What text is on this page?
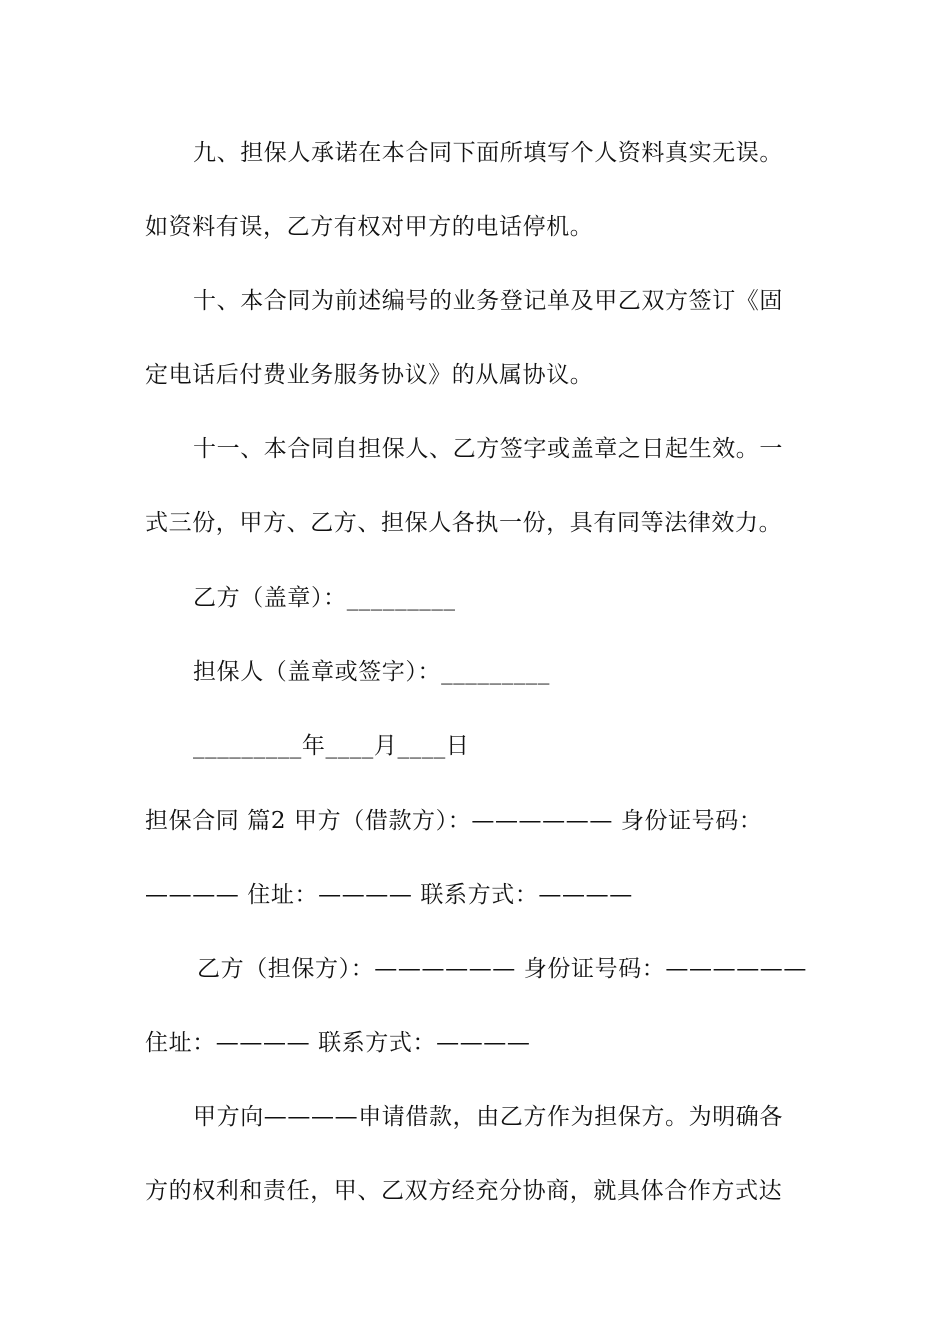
九、担保人承诺在本合同下面所填写个人资料真实无误。
如资料有误，乙方有权对甲方的电话停机。
十、本合同为前述编号的业务登记单及甲乙双方签订《固
定电话后付费业务服务协议》的从属协议。
十一、本合同自担保人、乙方签字或盖章之日起生效。一
式三份，甲方、乙方、担保人各执一份，具有同等法律效力。
乙方（盖章）：_________
担保人（盖章或签字）：_________
_________年____月____日
担保合同 篇2 甲方（借款方）：—————— 身份证号码：
———— 住址：———— 联系方式：————
乙方（担保方）：—————— 身份证号码：——————
住址：———— 联系方式：————
甲方向————申请借款，由乙方作为担保方。为明确各
方的权利和责任，甲、乙双方经充分协商，就具体合作方式达
